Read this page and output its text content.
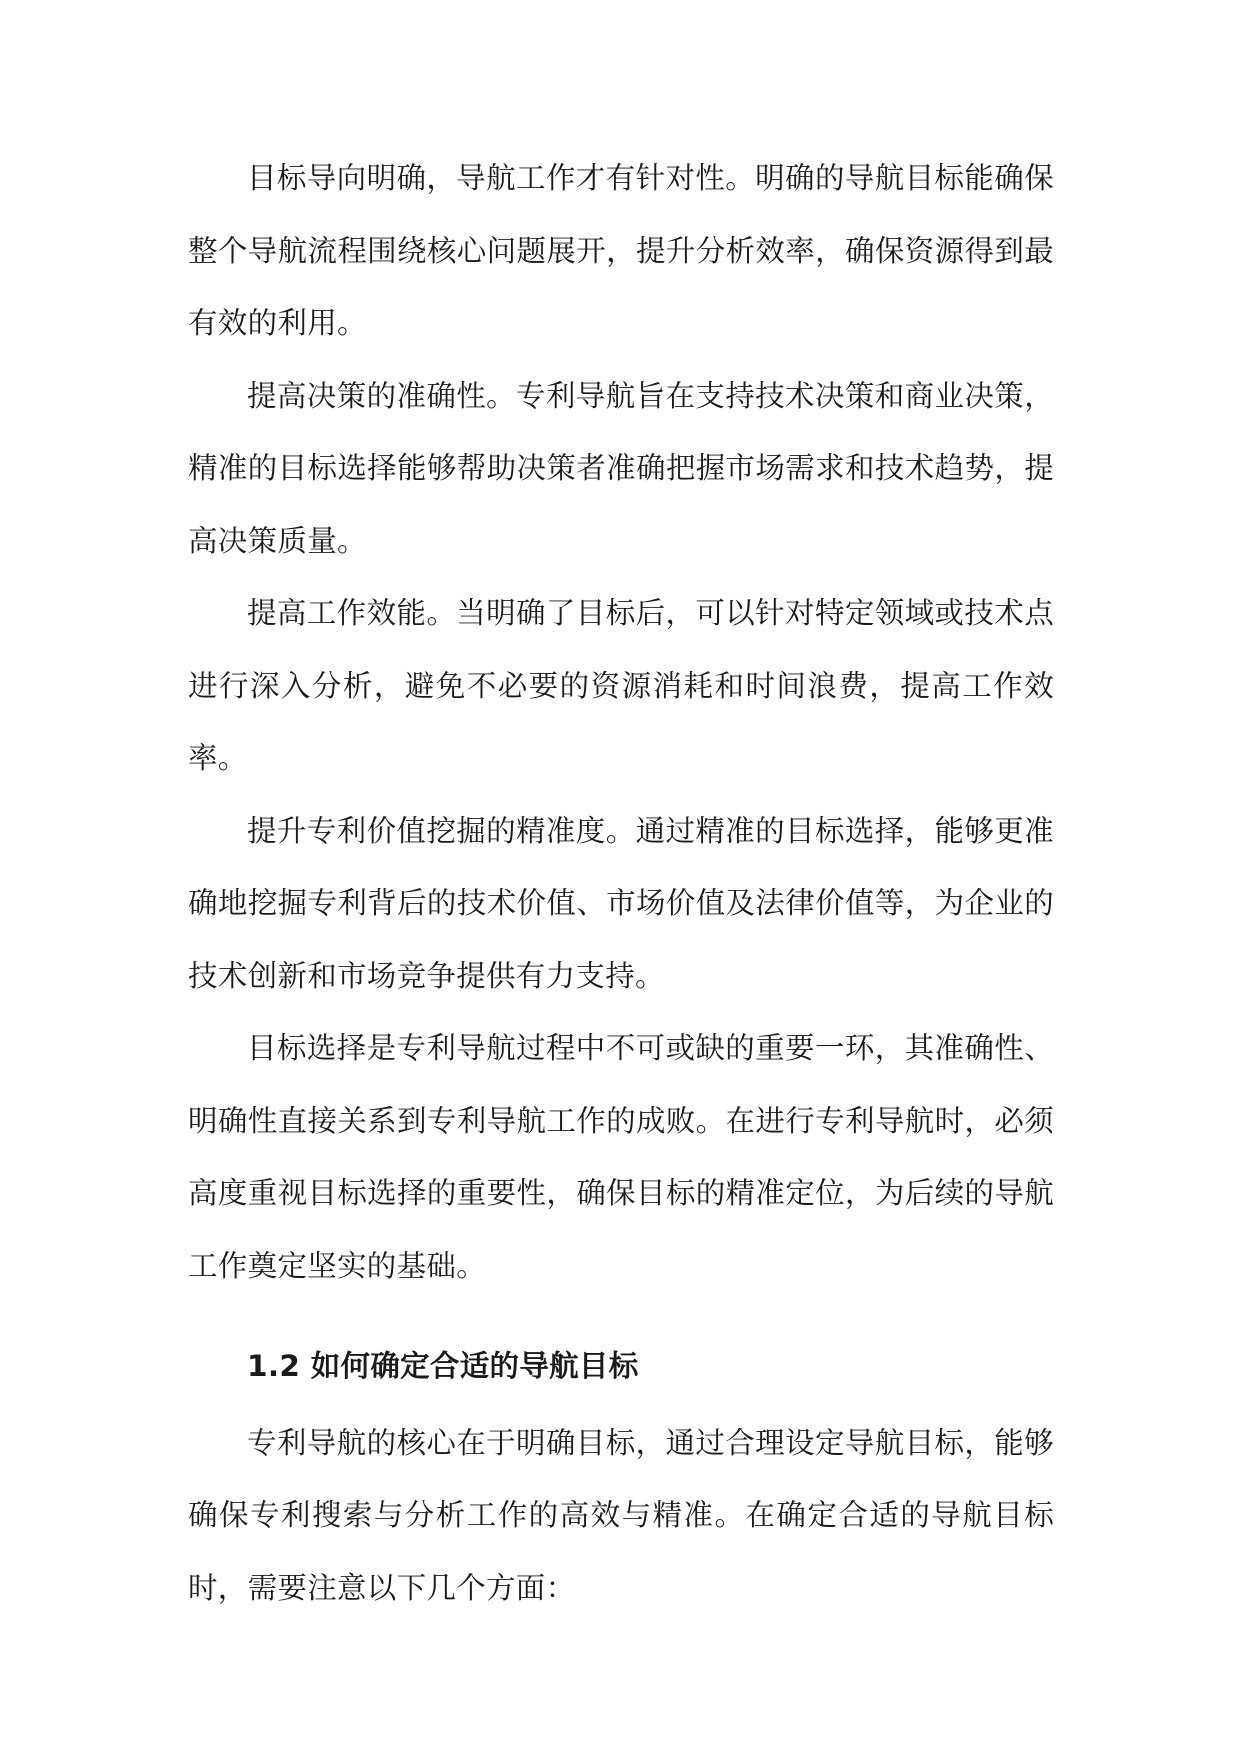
目标导向明确，导航工作才有针对性。明确的导航目标能确保整个导航流程围绕核心问题展开，提升分析效率，确保资源得到最有效的利用。

提高决策的准确性。专利导航旨在支持技术决策和商业决策，精准的目标选择能够帮助决策者准确把握市场需求和技术趋势，提高决策质量。

提高工作效能。当明确了目标后，可以针对特定领域或技术点进行深入分析，避免不必要的资源消耗和时间浪费，提高工作效率。

提升专利价值挖掘的精准度。通过精准的目标选择，能够更准确地挖掘专利背后的技术价值、市场价值及法律价值等，为企业的技术创新和市场竞争提供有力支持。

目标选择是专利导航过程中不可或缺的重要一环，其准确性、明确性直接关系到专利导航工作的成败。在进行专利导航时，必须高度重视目标选择的重要性，确保目标的精准定位，为后续的导航工作奠定坚实的基础。

1.2 如何确定合适的导航目标

专利导航的核心在于明确目标，通过合理设定导航目标，能够确保专利搜索与分析工作的高效与精准。在确定合适的导航目标时，需要注意以下几个方面：
